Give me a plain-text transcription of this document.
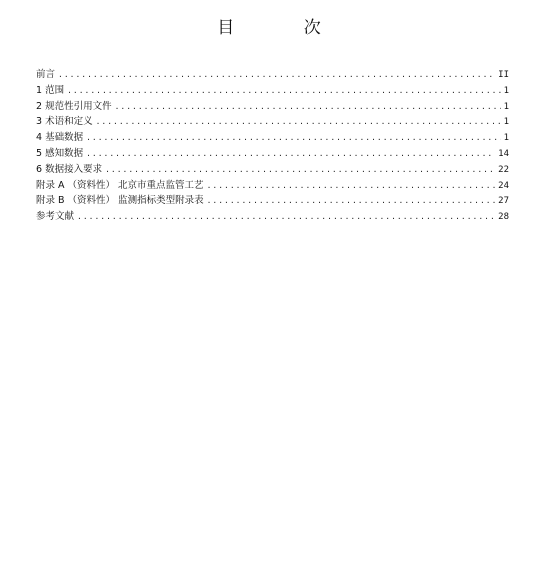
目 次
前言 .....	II
1 范围 .....	1
2 规范性引用文件 .....	1
3 术语和定义 .....	1
4 基础数据 .....	1
5 感知数据 .....	14
6 数据接入要求 .....	22
附录 A （资料性） 北京市重点监管工艺 .....	24
附录 B （资料性） 监测指标类型附录表 .....	27
参考文献 .....	28
